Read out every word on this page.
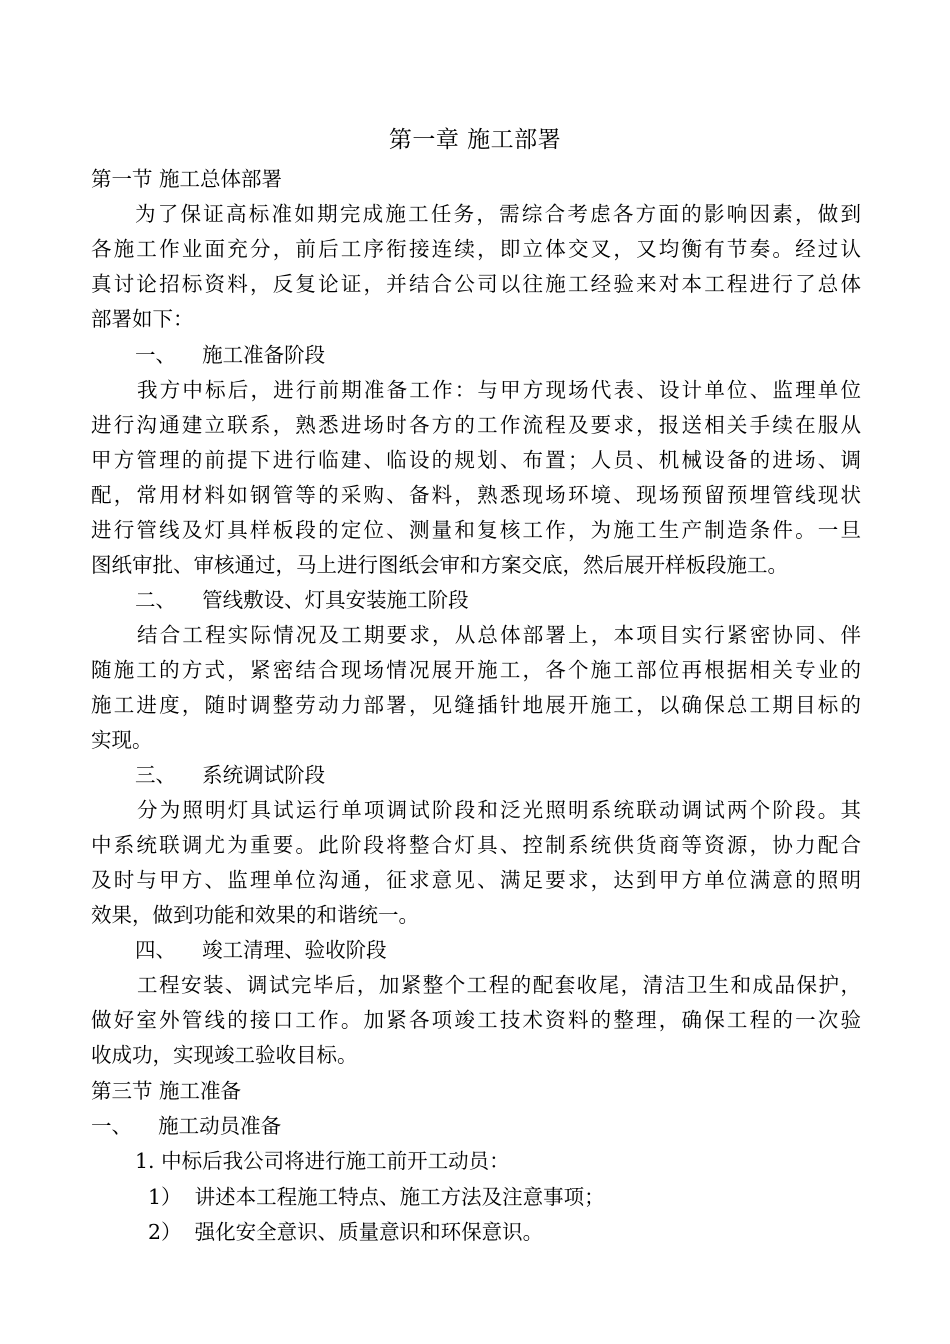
第一章 施工部署
第一节 施工总体部署
为了保证高标准如期完成施工任务，需综合考虑各方面的影响因素，做到
各施工作业面充分，前后工序衔接连续，即立体交叉，又均衡有节奏。经过认
真讨论招标资料，反复论证，并结合公司以往施工经验来对本工程进行了总体
部署如下：
一、    施工准备阶段
我方中标后，进行前期准备工作：与甲方现场代表、设计单位、监理单位
进行沟通建立联系，熟悉进场时各方的工作流程及要求，报送相关手续在服从
甲方管理的前提下进行临建、临设的规划、布置；人员、机械设备的进场、调
配，常用材料如钢管等的采购、备料，熟悉现场环境、现场预留预埋管线现状
进行管线及灯具样板段的定位、测量和复核工作，为施工生产制造条件。一旦
图纸审批、审核通过，马上进行图纸会审和方案交底，然后展开样板段施工。
二、    管线敷设、灯具安装施工阶段
结合工程实际情况及工期要求，从总体部署上，本项目实行紧密协同、伴
随施工的方式，紧密结合现场情况展开施工，各个施工部位再根据相关专业的
施工进度，随时调整劳动力部署，见缝插针地展开施工，以确保总工期目标的
实现。
三、    系统调试阶段
分为照明灯具试运行单项调试阶段和泛光照明系统联动调试两个阶段。其
中系统联调尤为重要。此阶段将整合灯具、控制系统供货商等资源，协力配合
及时与甲方、监理单位沟通，征求意见、满足要求，达到甲方单位满意的照明
效果，做到功能和效果的和谐统一。
四、    竣工清理、验收阶段
工程安装、调试完毕后，加紧整个工程的配套收尾，清洁卫生和成品保护，
做好室外管线的接口工作。加紧各项竣工技术资料的整理，确保工程的一次验
收成功，实现竣工验收目标。
第三节 施工准备
一、    施工动员准备
1. 中标后我公司将进行施工前开工动员：
1）  讲述本工程施工特点、施工方法及注意事项；
2）  强化安全意识、质量意识和环保意识。
